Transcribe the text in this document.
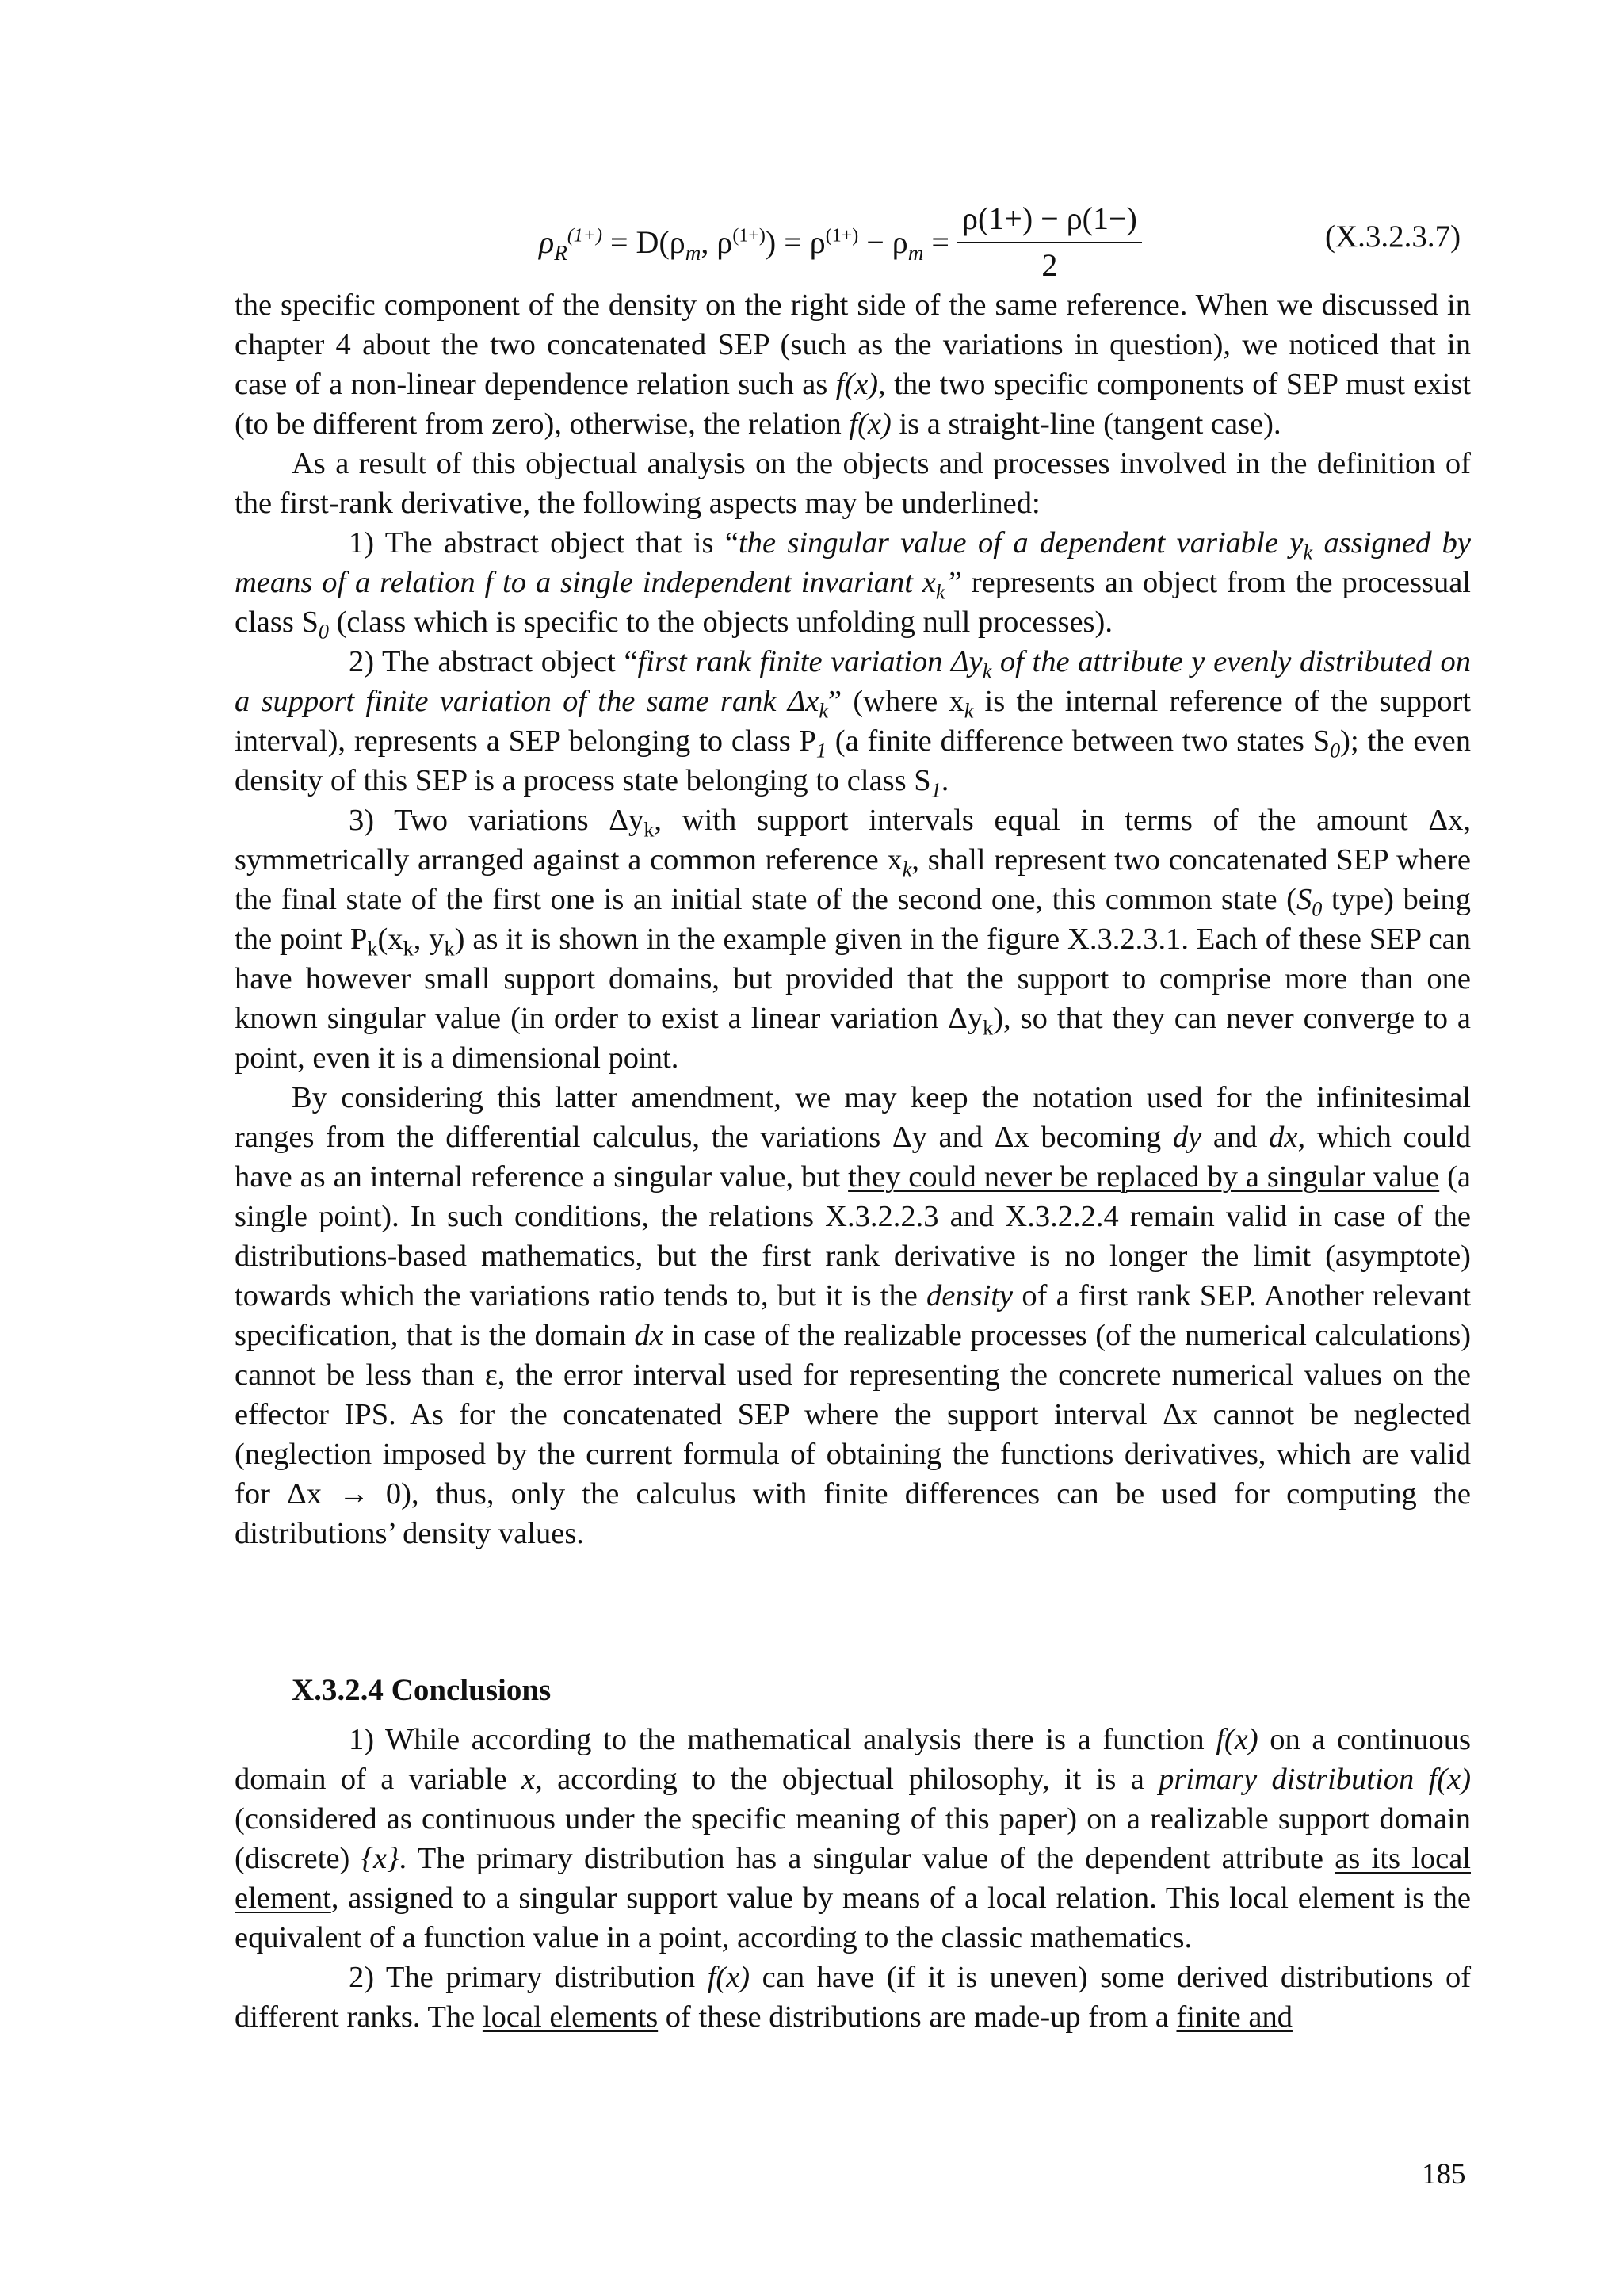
$\rho_R^{(1+)} = D(\rho_m$, $\rho^{(1+)}) = \rho^{(1+)} - \rho_m = \frac{\rho(1+) - \rho(1-)}{2}$	(X.3.2.3.7)

the specific component of the density on the right side of the same reference. When we discussed in chapter 4 about the two concatenated SEP (such as the variations in question), we noticed that in case of a non-linear dependence relation such as f(x), the two specific components of SEP must exist (to be different from zero), otherwise, the relation f(x) is a straight-line (tangent case).

As a result of this objectual analysis on the objects and processes involved in the definition of the first-rank derivative, the following aspects may be underlined:

1) The abstract object that is “the singular value of a dependent variable $y_k$ assigned by means of a relation f to a single independent invariant $x_k$” represents an object from the processual class $S_0$ (class which is specific to the objects unfolding null processes).

2) The abstract object “first rank finite variation $\Delta y_k$ of the attribute y evenly distributed on a support finite variation of the same rank $\Delta x_k$” (where $x_k$ is the internal reference of the support interval), represents a SEP belonging to class $P_1$ (a finite difference between two states $S_0$); the even density of this SEP is a process state belonging to class $S_1$.

3) Two variations $\Delta y_k$, with support intervals equal in terms of the amount Δx, symmetrically arranged against a common reference $x_k$, shall represent two concatenated SEP where the final state of the first one is an initial state of the second one, this common state ($S_0$ type) being the point $P_k(x_k$, $y_k$) as it is shown in the example given in the figure X.3.2.3.1. Each of these SEP can have however small support domains, but provided that the support to comprise more than one known singular value (in order to exist a linear variation $\Delta y_k$), so that they can never converge to a point, even it is a dimensional point.

By considering this latter amendment, we may keep the notation used for the infinitesimal ranges from the differential calculus, the variations Δy and Δx becoming dy and dx, which could have as an internal reference a singular value, but they could never be replaced by a singular value (a single point). In such conditions, the relations X.3.2.2.3 and X.3.2.2.4 remain valid in case of the distributions-based mathematics, but the first rank derivative is no longer the limit (asymptote) towards which the variations ratio tends to, but it is the density of a first rank SEP. Another relevant specification, that is the domain dx in case of the realizable processes (of the numerical calculations) cannot be less than ε, the error interval used for representing the concrete numerical values on the effector IPS. As for the concatenated SEP where the support interval Δx cannot be neglected (neglection imposed by the current formula of obtaining the functions derivatives, which are valid for Δx → 0), thus, only the calculus with finite differences can be used for computing the distributions’ density values.

X.3.2.4 Conclusions

1) While according to the mathematical analysis there is a function f(x) on a continuous domain of a variable x, according to the objectual philosophy, it is a primary distribution f(x) (considered as continuous under the specific meaning of this paper) on a realizable support domain (discrete) {x}. The primary distribution has a singular value of the dependent attribute as its local element, assigned to a singular support value by means of a local relation. This local element is the equivalent of a function value in a point, according to the classic mathematics.

2) The primary distribution f(x) can have (if it is uneven) some derived distributions of different ranks. The local elements of these distributions are made-up from a finite and

185
